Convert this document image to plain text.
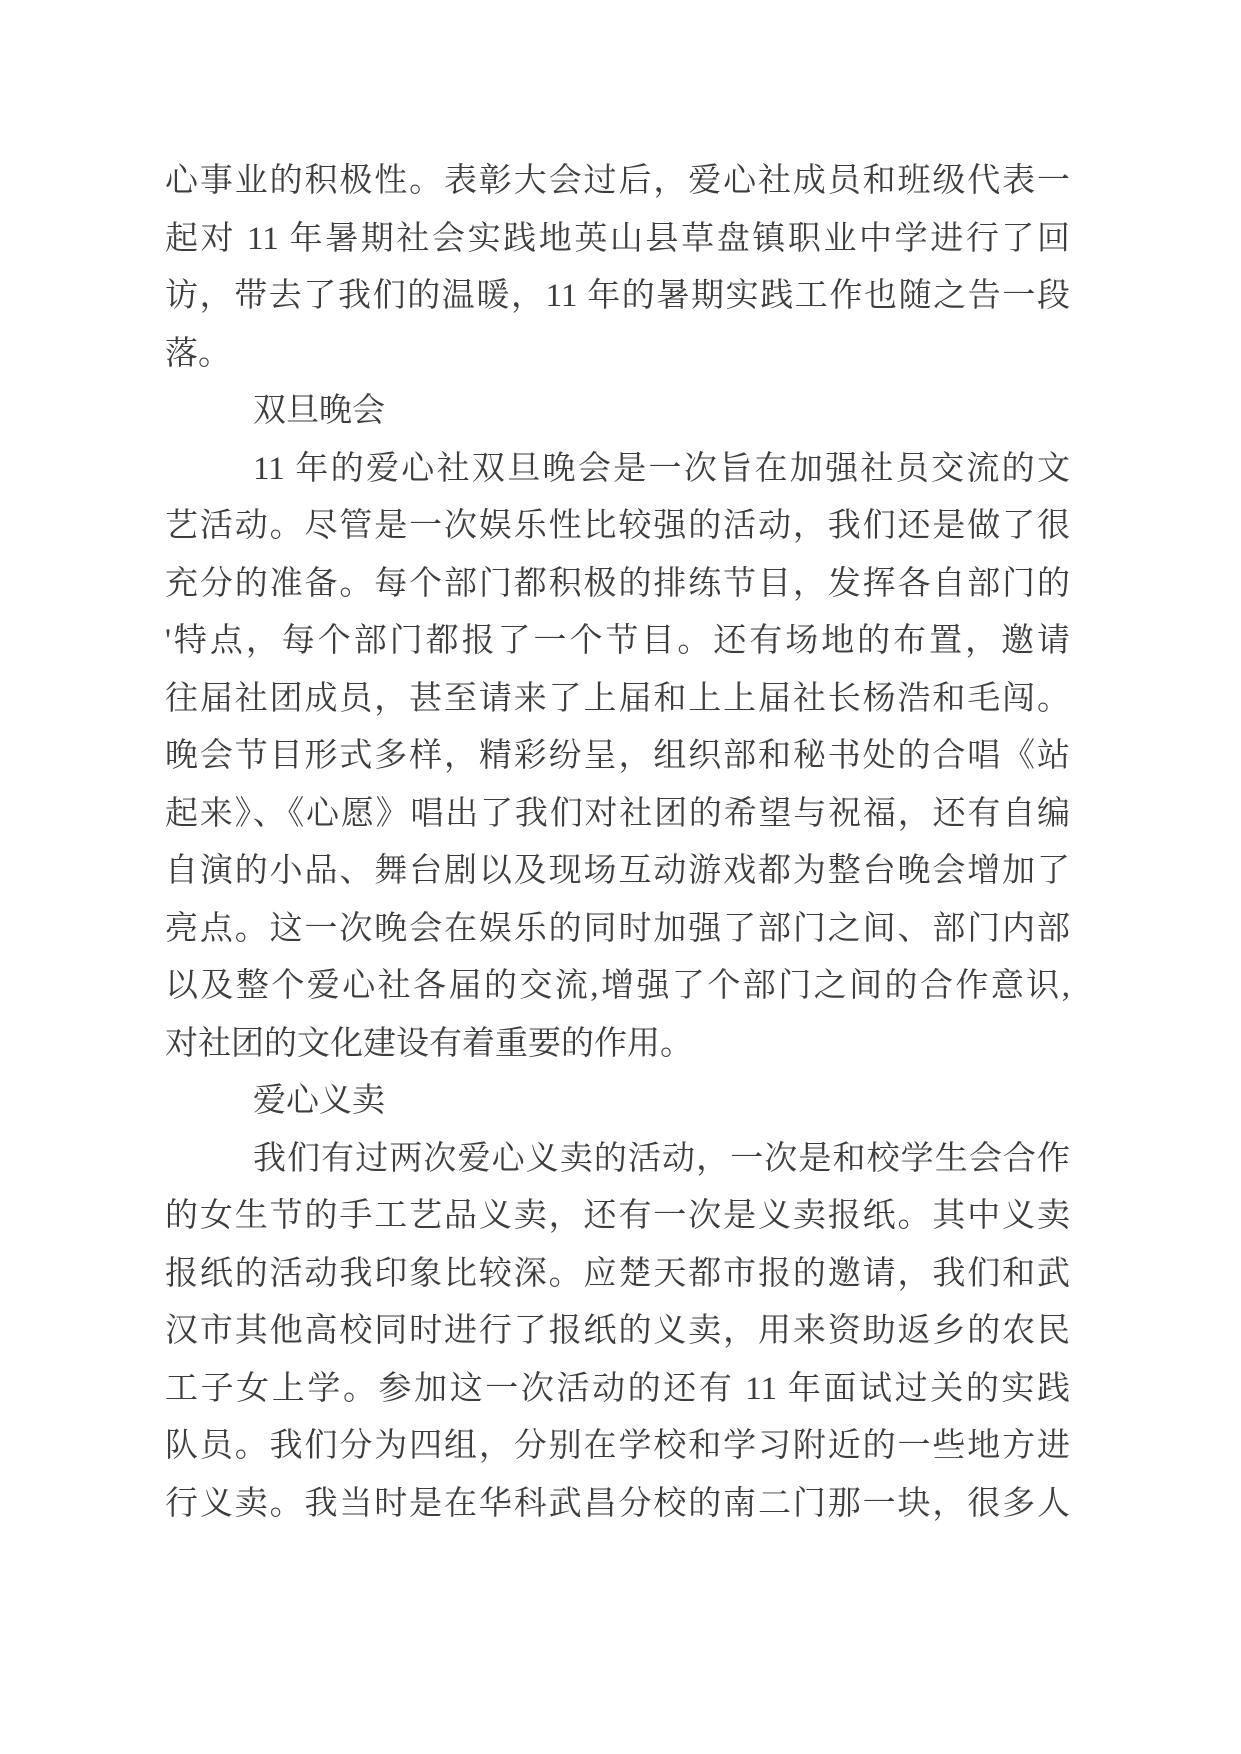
心事业的积极性。表彰大会过后，爱心社成员和班级代表一
起对 11 年暑期社会实践地英山县草盘镇职业中学进行了回
访，带去了我们的温暖，11 年的暑期实践工作也随之告一段
落。
双旦晚会
11 年的爱心社双旦晚会是一次旨在加强社员交流的文
艺活动。尽管是一次娱乐性比较强的活动，我们还是做了很
充分的准备。每个部门都积极的排练节目，发挥各自部门的
'特点，每个部门都报了一个节目。还有场地的布置，邀请
往届社团成员，甚至请来了上届和上上届社长杨浩和毛闯。
晚会节目形式多样，精彩纷呈，组织部和秘书处的合唱《站
起来》、《心愿》唱出了我们对社团的希望与祝福，还有自编
自演的小品、舞台剧以及现场互动游戏都为整台晚会增加了
亮点。这一次晚会在娱乐的同时加强了部门之间、部门内部
以及整个爱心社各届的交流,增强了个部门之间的合作意识,
对社团的文化建设有着重要的作用。
爱心义卖
我们有过两次爱心义卖的活动，一次是和校学生会合作
的女生节的手工艺品义卖，还有一次是义卖报纸。其中义卖
报纸的活动我印象比较深。应楚天都市报的邀请，我们和武
汉市其他高校同时进行了报纸的义卖，用来资助返乡的农民
工子女上学。参加这一次活动的还有 11 年面试过关的实践
队员。我们分为四组，分别在学校和学习附近的一些地方进
行义卖。我当时是在华科武昌分校的南二门那一块，很多人
